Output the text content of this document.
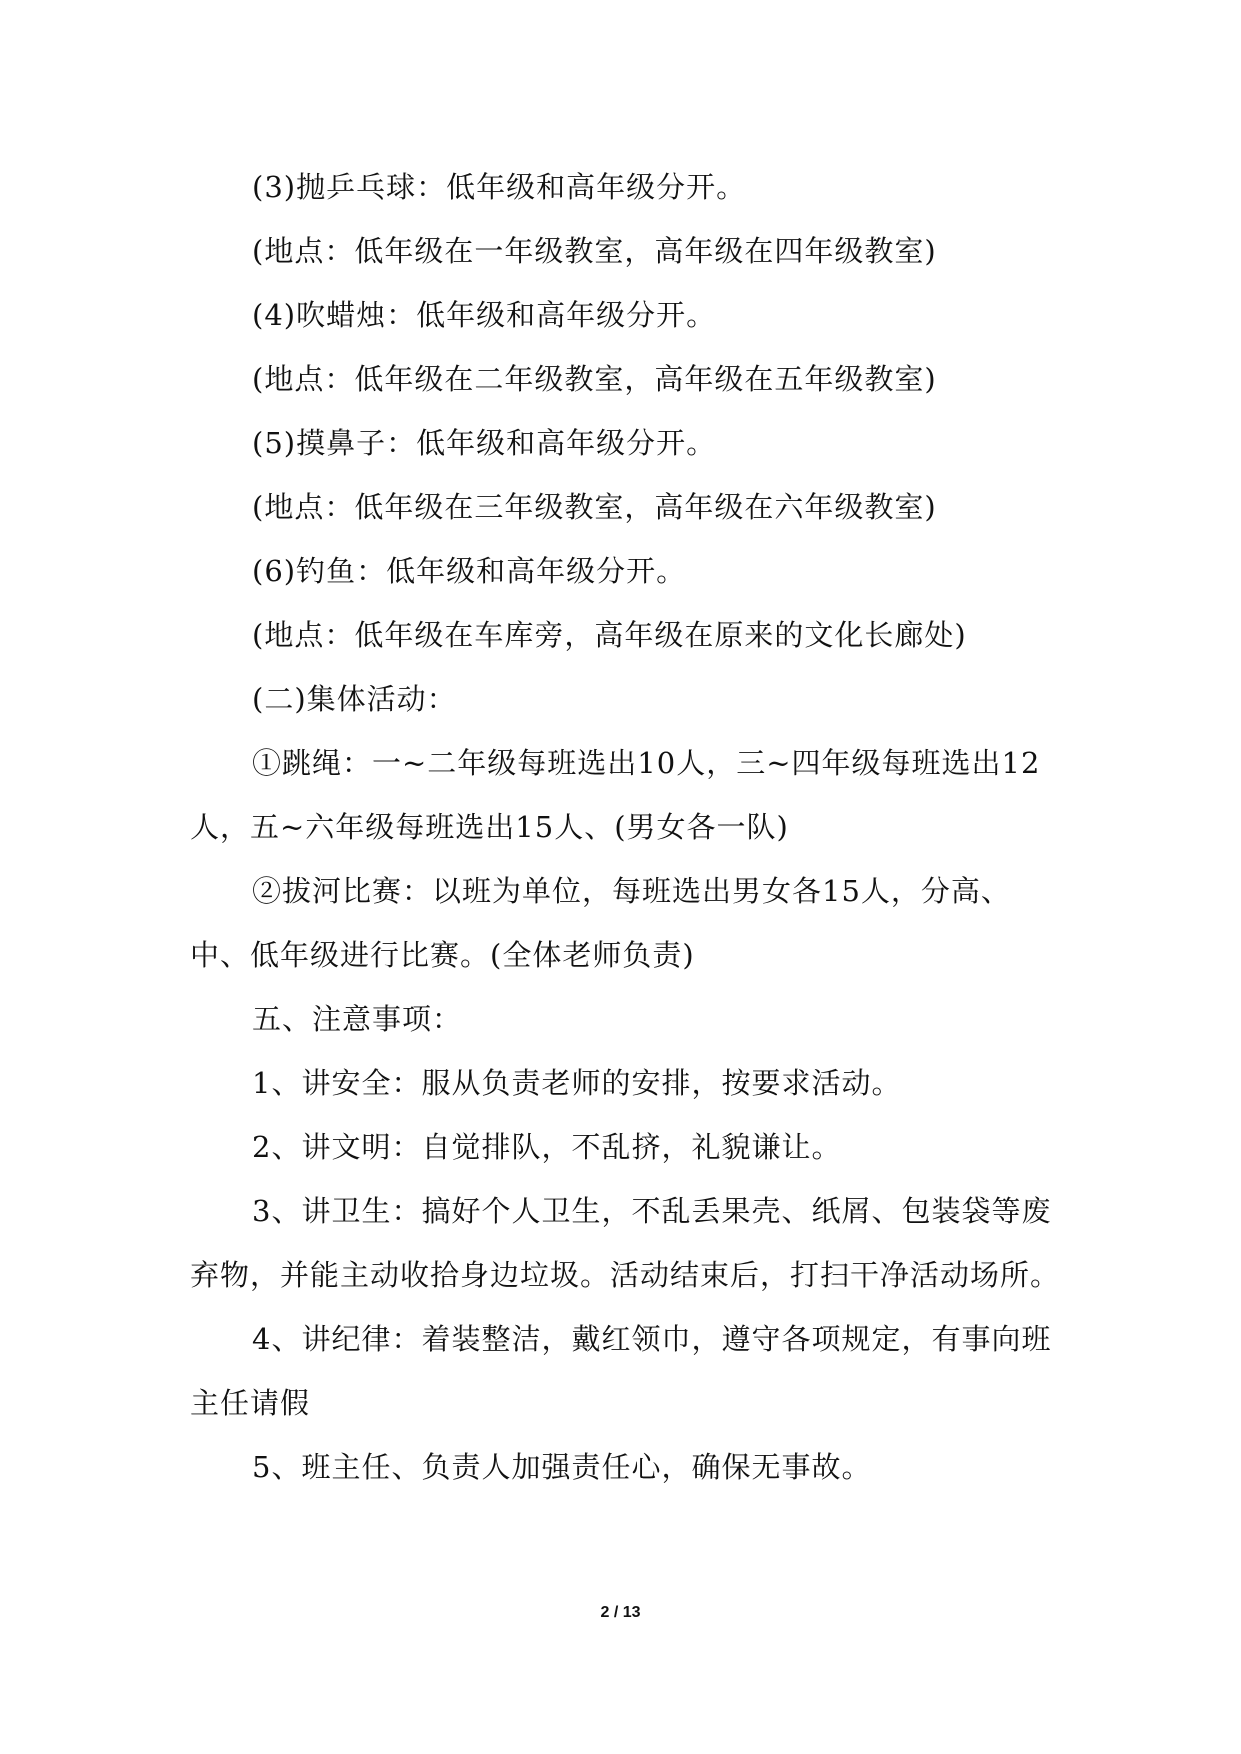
(3)抛乒乓球：低年级和高年级分开。

(地点：低年级在一年级教室，高年级在四年级教室)

(4)吹蜡烛：低年级和高年级分开。

(地点：低年级在二年级教室，高年级在五年级教室)

(5)摸鼻子：低年级和高年级分开。

(地点：低年级在三年级教室，高年级在六年级教室)

(6)钓鱼：低年级和高年级分开。

(地点：低年级在车库旁，高年级在原来的文化长廊处)

(二)集体活动：

①跳绳：一~二年级每班选出10人，三~四年级每班选出12人，五~六年级每班选出15人、(男女各一队)

②拔河比赛：以班为单位，每班选出男女各15人，分高、中、低年级进行比赛。(全体老师负责)

五、注意事项：

1、讲安全：服从负责老师的安排，按要求活动。

2、讲文明：自觉排队，不乱挤，礼貌谦让。

3、讲卫生：搞好个人卫生，不乱丢果壳、纸屑、包装袋等废弃物，并能主动收拾身边垃圾。活动结束后，打扫干净活动场所。

4、讲纪律：着装整洁，戴红领巾，遵守各项规定，有事向班主任请假

5、班主任、负责人加强责任心，确保无事故。

2 / 13
